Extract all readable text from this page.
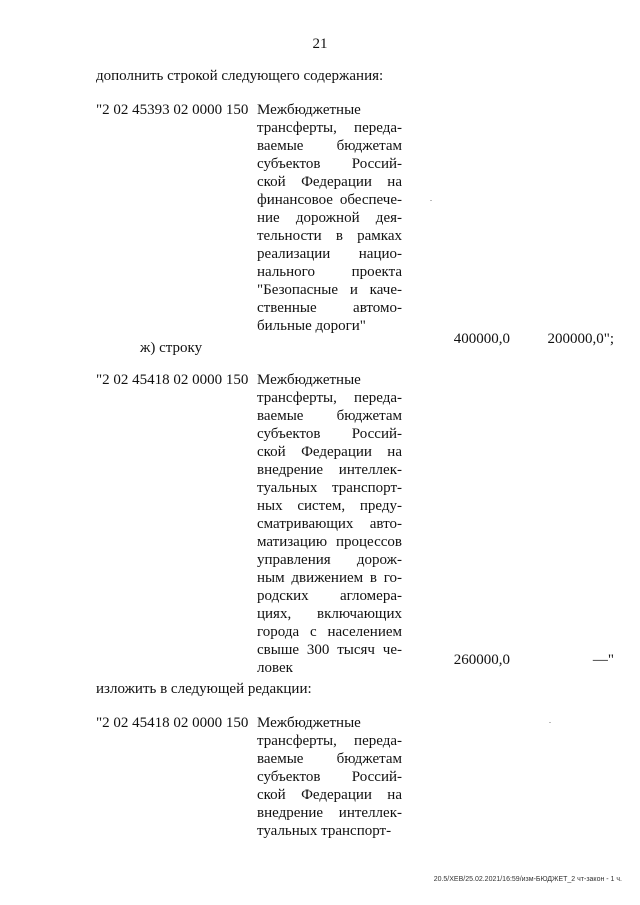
21
дополнить строкой следующего содержания:
"2 02 45393 02 0000 150 Межбюджетные
трансферты, переда-
ваемые бюджетам
субъектов Россий-
ской Федерации на
финансовое обеспече-
ние дорожной дея-
тельности в рамках
реализации нацио-
нального проекта
"Безопасные и каче-
ственные автомо-
бильные дороги"
400000,0	200000,0";
ж) строку
"2 02 45418 02 0000 150 Межбюджетные
трансферты, переда-
ваемые бюджетам
субъектов Россий-
ской Федерации на
внедрение интеллек-
туальных транспорт-
ных систем, преду-
сматривающих авто-
матизацию процессов
управления дорож-
ным движением в го-
родских агломера-
циях, включающих
города с населением
свыше 300 тысяч че-
ловек	260000,0	—"
изложить в следующей редакции:
"2 02 45418 02 0000 150 Межбюджетные
трансферты, переда-
ваемые бюджетам
субъектов Россий-
ской Федерации на
внедрение интеллек-
туальных транспорт-
20.5/ХЕВ/25.02.2021/16:59/изм-БЮДЖЕТ_2 чт-закон - 1 ч.
